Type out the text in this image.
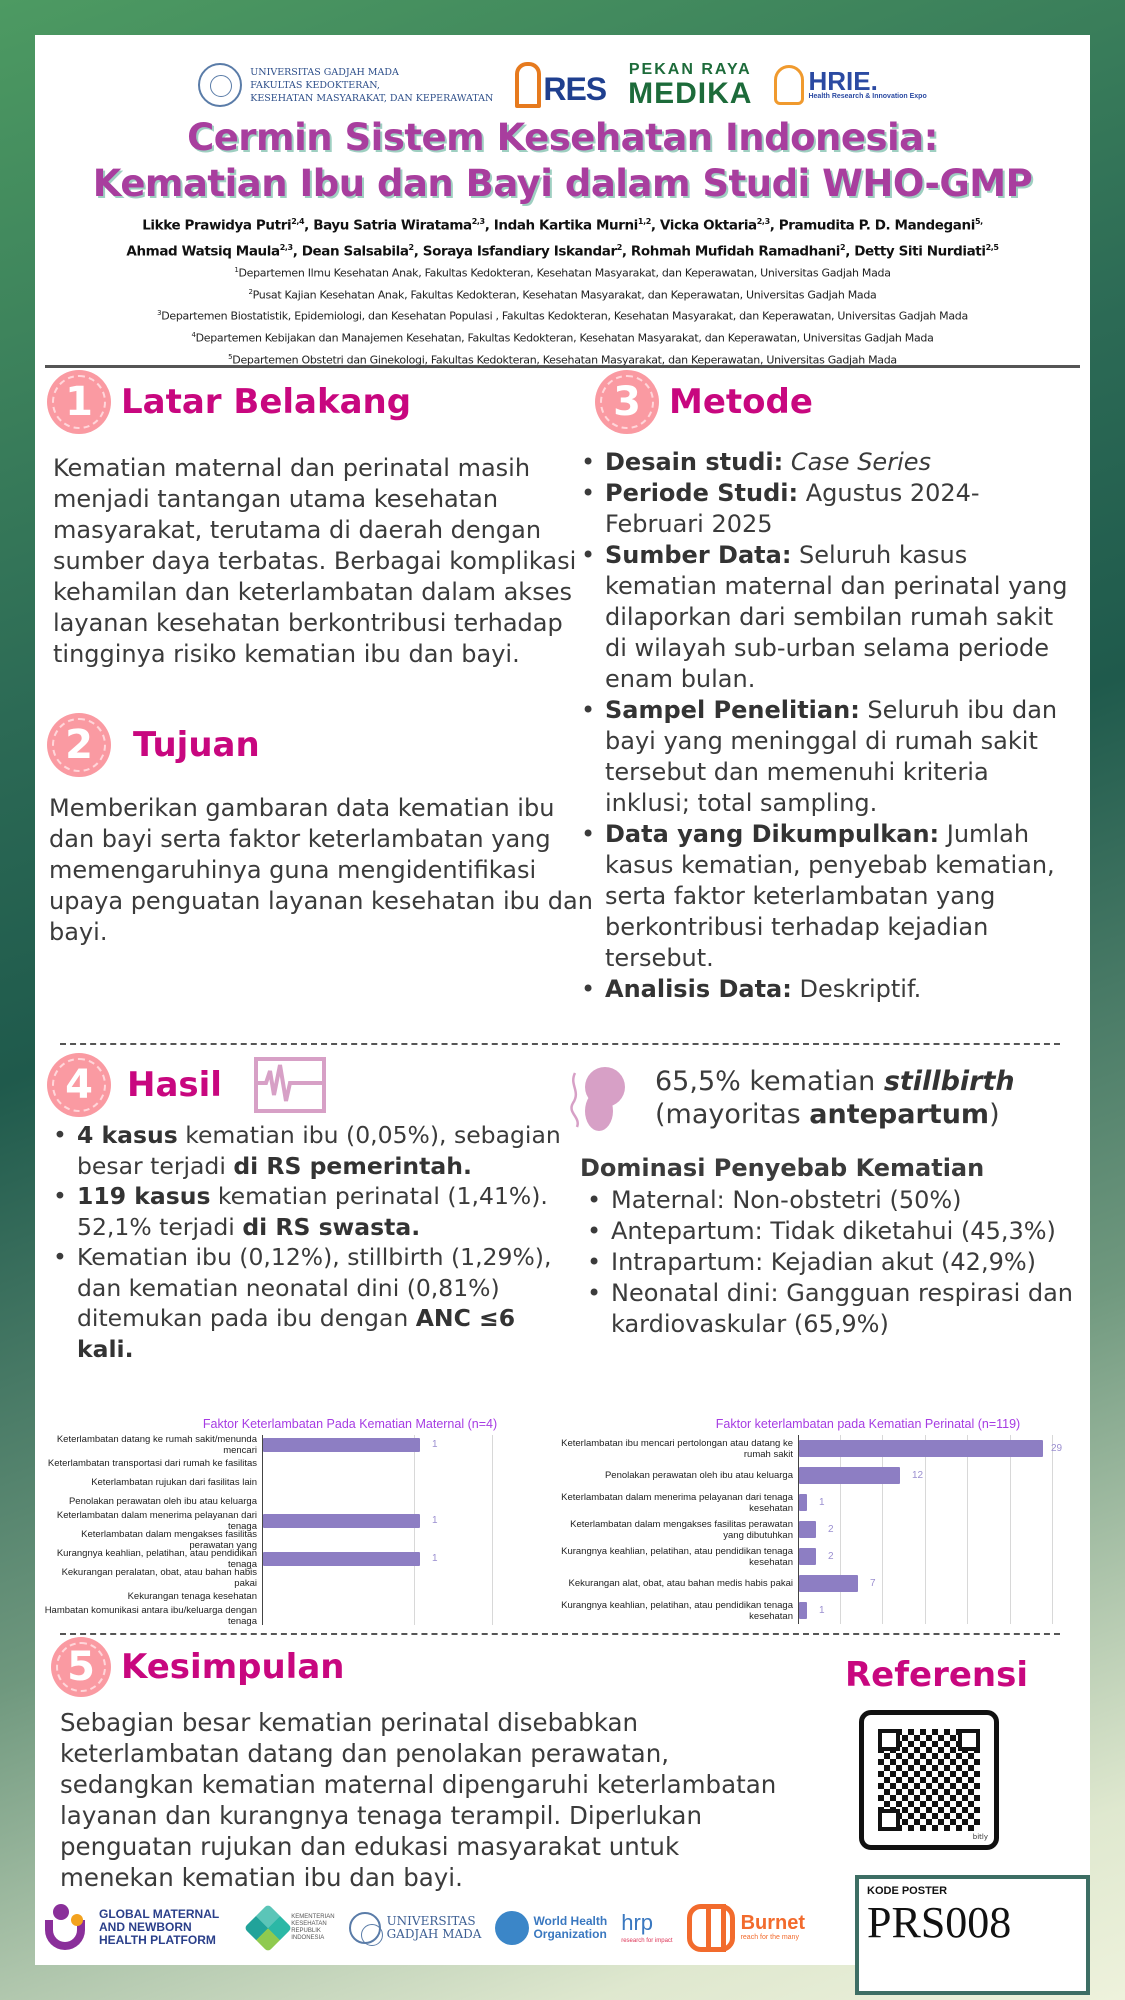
UNIVERSITAS GADJAH MADA
FAKULTAS KEDOKTERAN,
KESEHATAN MASYARAKAT, DAN KEPERAWATAN RES
PEKAN RAYA
MEDIKA HRIE.
Health Research & Innovation Expo
Cermin Sistem Kesehatan Indonesia:
Kematian Ibu dan Bayi dalam Studi WHO-GMP
Likke Prawidya Putri$^{2,4}$, Bayu Satria Wiratama$^{2,3}$, Indah Kartika Murni$^{1,2}$, Vicka Oktaria$^{2,3}$, Pramudita P. D. Mandegani$^{5,}$
Ahmad Watsiq Maula$^{2,3}$, Dean Salsabila$^2$, Soraya Isfandiary Iskandar$^2$, Rohmah Mufidah Ramadhani$^2$, Detty Siti Nurdiati$^{2,5}$
$^1$Departemen Ilmu Kesehatan Anak, Fakultas Kedokteran, Kesehatan Masyarakat, dan Keperawatan, Universitas Gadjah Mada
$^2$Pusat Kajian Kesehatan Anak, Fakultas Kedokteran, Kesehatan Masyarakat, dan Keperawatan, Universitas Gadjah Mada
$^3$Departemen Biostatistik, Epidemiologi, dan Kesehatan Populasi , Fakultas Kedokteran, Kesehatan Masyarakat, dan Keperawatan, Universitas Gadjah Mada
$^4$Departemen Kebijakan dan Manajemen Kesehatan, Fakultas Kedokteran, Kesehatan Masyarakat, dan Keperawatan, Universitas Gadjah Mada
$^5$Departemen Obstetri dan Ginekologi, Fakultas Kedokteran, Kesehatan Masyarakat, dan Keperawatan, Universitas Gadjah Mada
1 Latar Belakang
Kematian maternal dan perinatal masih menjadi tantangan utama kesehatan masyarakat, terutama di daerah dengan sumber daya terbatas. Berbagai komplikasi kehamilan dan keterlambatan dalam akses layanan kesehatan berkontribusi terhadap tingginya risiko kematian ibu dan bayi.
2	Tujuan
Memberikan gambaran data kematian ibu dan bayi serta faktor keterlambatan yang memengaruhinya guna mengidentifikasi upaya penguatan layanan kesehatan ibu dan bayi.
3 Metode
• Desain studi: Case Series
• Periode Studi: Agustus 2024-Februari 2025
• Sumber Data: Seluruh kasus kematian maternal dan perinatal yang dilaporkan dari sembilan rumah sakit di wilayah sub-urban selama periode enam bulan.
• Sampel Penelitian: Seluruh ibu dan bayi yang meninggal di rumah sakit tersebut dan memenuhi kriteria inklusi; total sampling.
• Data yang Dikumpulkan: Jumlah kasus kematian, penyebab kematian, serta faktor keterlambatan yang berkontribusi terhadap kejadian tersebut.
• Analisis Data: Deskriptif.
4	Hasil
• 4 kasus kematian ibu (0,05%), sebagian besar terjadi di RS pemerintah.
• 119 kasus kematian perinatal (1,41%). 52,1% terjadi di RS swasta.
• Kematian ibu (0,12%), stillbirth (1,29%), dan kematian neonatal dini (0,81%) ditemukan pada ibu dengan ANC ≤6 kali.
65,5% kematian stillbirth
(mayoritas antepartum)
Dominasi Penyebab Kematian
• Maternal: Non-obstetri (50%)
• Antepartum: Tidak diketahui (45,3%)
• Intrapartum: Kejadian akut (42,9%)
• Neonatal dini: Gangguan respirasi dan kardiovaskular (65,9%)
Faktor Keterlambatan Pada Kematian Maternal (n=4)
Keterlambatan datang ke rumah sakit/menunda mencari	1
Keterlambatan transportasi dari rumah ke fasilitas
Keterlambatan rujukan dari fasilitas lain
Penolakan perawatan oleh ibu atau keluarga
Keterlambatan dalam menerima pelayanan dari tenaga	1
Keterlambatan dalam mengakses fasilitas perawatan yang
Kurangnya keahlian, pelatihan, atau pendidikan tenaga	1
Kekurangan peralatan, obat, atau bahan habis pakai
Kekurangan tenaga kesehatan
Hambatan komunikasi antara ibu/keluarga dengan tenaga
Faktor keterlambatan pada Kematian Perinatal (n=119)
Keterlambatan ibu mencari pertolongan atau datang ke rumah sakit	29
Penolakan perawatan oleh ibu atau keluarga	12
Keterlambatan dalam menerima pelayanan dari tenaga kesehatan	1
Keterlambatan dalam mengakses fasilitas perawatan yang dibutuhkan	2
Kurangnya keahlian, pelatihan, atau pendidikan tenaga kesehatan	2
Kekurangan alat, obat, atau bahan medis habis pakai	7
Kurangnya keahlian, pelatihan, atau pendidikan tenaga kesehatan	1
5 Kesimpulan
Sebagian besar kematian perinatal disebabkan keterlambatan datang dan penolakan perawatan, sedangkan kematian maternal dipengaruhi keterlambatan layanan dan kurangnya tenaga terampil. Diperlukan penguatan rujukan dan edukasi masyarakat untuk menekan kematian ibu dan bayi.
Referensi
bitly
KODE POSTER
PRS008
GLOBAL MATERNAL
AND NEWBORN
HEALTH PLATFORM
KEMENTERIAN
KESEHATAN
REPUBLIK
INDONESIA
UNIVERSITAS
GADJAH MADA
World Health
Organization hrp
research for impact
Burnet
reach for the many
